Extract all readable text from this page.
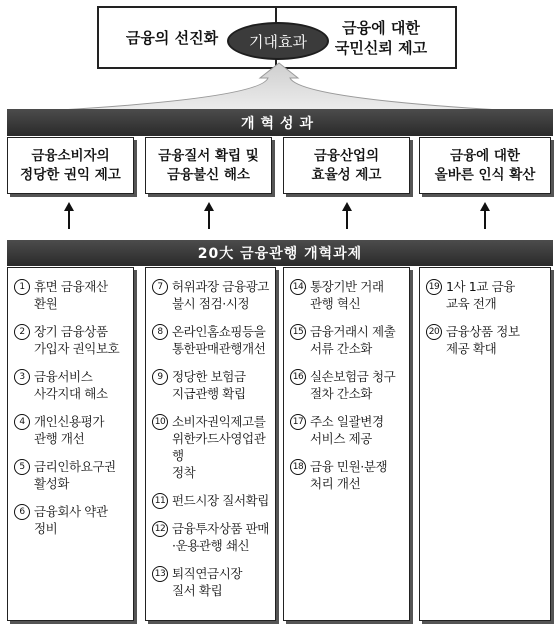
금융의 선진화
금융에 대한
국민신뢰 제고
기대효과
개혁성과
금융소비자의
정당한 권익 제고
금융질서 확립 및
금융불신 해소
금융산업의
효율성 제고
금융에 대한
올바른 인식 확산
20大 금융관행 개혁과제
1 휴면 금융재산
환원
2 장기 금융상품
가입자 권익보호
3 금융서비스
사각지대 해소
4 개인신용평가
관행 개선
5 금리인하요구권
활성화
6 금융회사 약관
정비
7 허위과장 금융광고
불시 점검·시정
8 온라인홈쇼핑등을
통한판매관행개선
9 정당한 보험금
지급관행 확립
10 소비자권익제고를
위한카드사영업관행
정착
11 펀드시장 질서확립
12 금융투자상품 판매
·운용관행 쇄신
13 퇴직연금시장
질서 확립
14 통장기반 거래
관행 혁신
15 금융거래시 제출
서류 간소화
16 실손보험금 청구
절차 간소화
17 주소 일괄변경
서비스 제공
18 금융 민원·분쟁
처리 개선
19 1사 1교 금융
교육 전개
20 금융상품 정보
제공 확대
